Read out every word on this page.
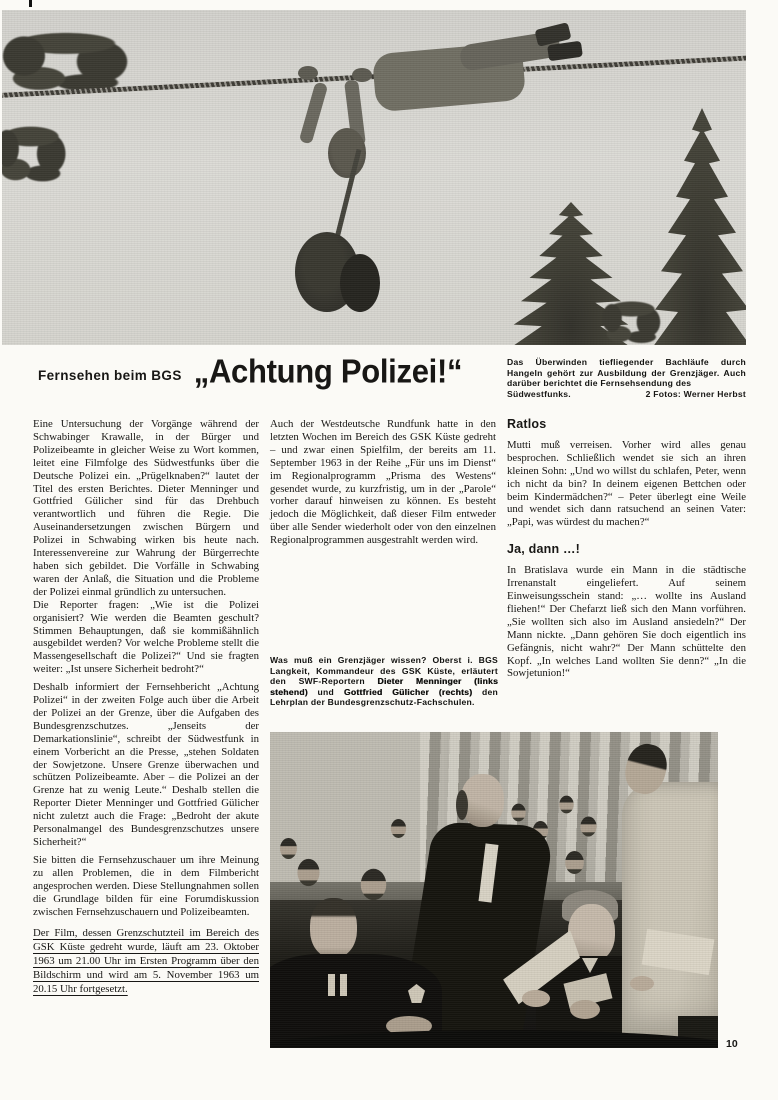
Fernsehen beim BGS „Achtung Polizei!“	Das Überwinden tiefliegender Bachläufe durch Hangeln gehört zur Ausbildung der Grenzjäger. Auch darüber berichtet die Fernsehsendung des
Südwestfunks.	2 Fotos: Werner Herbst

Eine Untersuchung der Vorgänge während der Schwabinger Krawalle, in der Bürger und Polizeibeamte in gleicher Weise zu Wort kommen, leitet eine Filmfolge des Südwestfunks über die Deutsche Polizei ein. „Prügelknaben?“ lautet der Titel des ersten Berichtes. Dieter Menninger und Gottfried Gülicher sind für das Drehbuch verantwortlich und führen die Regie. Die Auseinandersetzungen zwischen Bürgern und Polizei in Schwabing wirken bis heute nach. Interessenvereine zur Wahrung der Bürgerrechte haben sich gebildet. Die Vorfälle in Schwabing waren der Anlaß, die Situation und die Probleme der Polizei einmal gründlich zu untersuchen.

Die Reporter fragen: „Wie ist die Polizei organisiert? Wie werden die Beamten geschult? Stimmen Behauptungen, daß sie kommißähnlich ausgebildet werden? Vor welche Probleme stellt die Massengesellschaft die Polizei?“ Und sie fragten weiter: „Ist unsere Sicherheit bedroht?“

Deshalb informiert der Fernsehbericht „Achtung Polizei“ in der zweiten Folge auch über die Arbeit der Polizei an der Grenze, über die Aufgaben des Bundesgrenzschutzes. „Jenseits der Demarkationslinie“, schreibt der Südwestfunk in einem Vorbericht an die Presse, „stehen Soldaten der Sowjetzone. Unsere Grenze überwachen und schützen Polizeibeamte. Aber – die Polizei an der Grenze hat zu wenig Leute.“ Deshalb stellen die Reporter Dieter Menninger und Gottfried Gülicher nicht zuletzt auch die Frage: „Bedroht der akute Personalmangel des Bundesgrenzschutzes unsere Sicherheit?“

Sie bitten die Fernsehzuschauer um ihre Meinung zu allen Problemen, die in dem Filmbericht angesprochen werden. Diese Stellungnahmen sollen die Grundlage bilden für eine Forumdiskussion zwischen Fernsehzuschauern und Polizeibeamten.

Der Film, dessen Grenzschutzteil im Bereich des GSK Küste gedreht wurde, läuft am 23. Oktober 1963 um 21.00 Uhr im Ersten Programm über den Bildschirm und wird am 5. November 1963 um 20.15 Uhr fortgesetzt.

Auch der Westdeutsche Rundfunk hatte in den letzten Wochen im Bereich des GSK Küste gedreht – und zwar einen Spielfilm, der bereits am 11. September 1963 in der Reihe „Für uns im Dienst“ im Regionalprogramm „Prisma des Westens“ gesendet wurde, zu kurzfristig, um in der „Parole“ vorher darauf hinweisen zu können. Es besteht jedoch die Möglichkeit, daß dieser Film entweder über alle Sender wiederholt oder von den einzelnen Regionalprogrammen ausgestrahlt werden wird.

Was muß ein Grenzjäger wissen? Oberst i. BGS Langkeit, Kommandeur des GSK Küste, erläutert den SWF-Reportern Dieter Menninger (links stehend) und Gottfried Gülicher (rechts) den Lehrplan der Bundesgrenzschutz-Fachschulen.
Ratlos

Mutti muß verreisen. Vorher wird alles genau besprochen. Schließlich wendet sie sich an ihren kleinen Sohn: „Und wo willst du schlafen, Peter, wenn ich nicht da bin? In deinem eigenen Bettchen oder beim Kindermädchen?“ – Peter überlegt eine Weile und wendet sich dann ratsuchend an seinen Vater: „Papi, was würdest du machen?“

Ja, dann …!

In Bratislava wurde ein Mann in die städtische Irrenanstalt eingeliefert. Auf seinem Einweisungsschein stand: „… wollte ins Ausland fliehen!“ Der Chefarzt ließ sich den Mann vorführen. „Sie wollten sich also im Ausland ansiedeln?“ Der Mann nickte. „Dann gehören Sie doch eigentlich ins Gefängnis, nicht wahr?“ Der Mann schüttelte den Kopf. „In welches Land wollten Sie denn?“ „In die Sowjetunion!“

10
